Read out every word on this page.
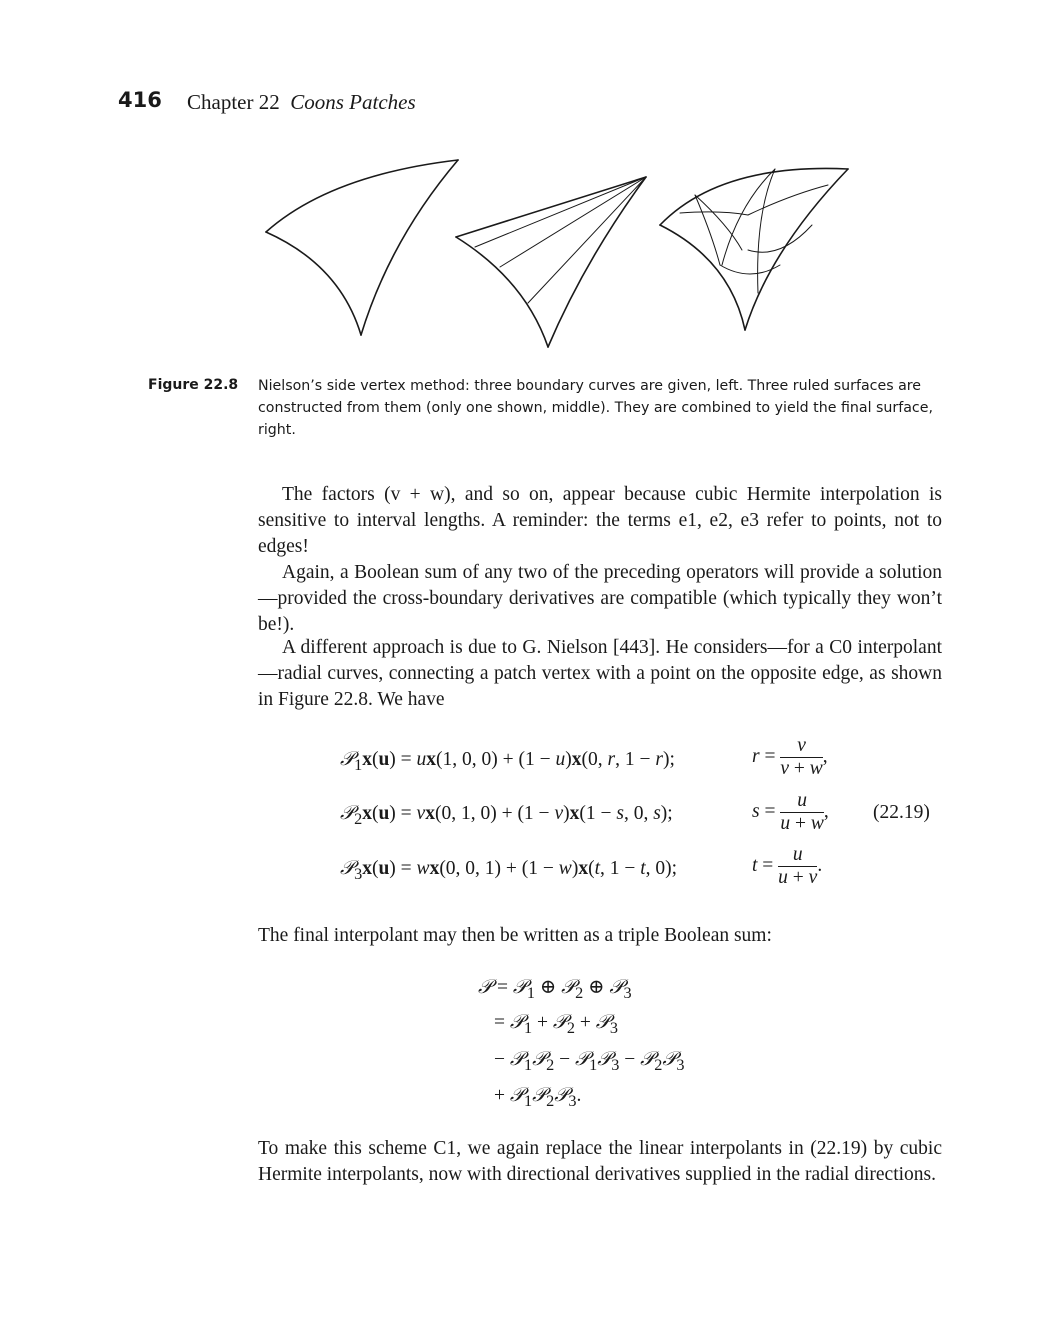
416 Chapter 22 Coons Patches
Figure 22.8 Nielson’s side vertex method: three boundary curves are given, left. Three ruled surfaces are constructed from them (only one shown, middle). They are combined to yield the final surface, right.
The factors (v + w), and so on, appear because cubic Hermite interpolation is sensitive to interval lengths. A reminder: the terms e1, e2, e3 refer to points, not to edges!
Again, a Boolean sum of any two of the preceding operators will provide a solution—provided the cross-boundary derivatives are compatible (which typically they won’t be!).
A different approach is due to G. Nielson [443]. He considers—for a C0 interpolant—radial curves, connecting a patch vertex with a point on the opposite edge, as shown in Figure 22.8. We have
𝒫$_1$x(u) = ux(1, 0, 0) + (1 − u)x(0, r, 1 − r);	$r = \frac{v}{v + w}$ ,
𝒫$_2$x(u) = vx(0, 1, 0) + (1 − v)x(1 − s, 0, s);	$s = \frac{u}{u + w}$ , (22.19)
𝒫$_3$x(u) = wx(0, 0, 1) + (1 − w)x(t, 1 − t, 0);	$t = \frac{u}{u + v}$ .
The final interpolant may then be written as a triple Boolean sum:
𝒫 = 𝒫$_1$ ⊕ 𝒫$_2$ ⊕ 𝒫$_3$
= 𝒫$_1$ + 𝒫$_2$ + 𝒫$_3$
− 𝒫$_1$𝒫$_2$ − 𝒫$_1$𝒫$_3$ − 𝒫$_2$𝒫$_3$
+ 𝒫$_1$𝒫$_2$𝒫$_3$.
To make this scheme C1, we again replace the linear interpolants in (22.19) by cubic Hermite interpolants, now with directional derivatives supplied in the radial directions.
